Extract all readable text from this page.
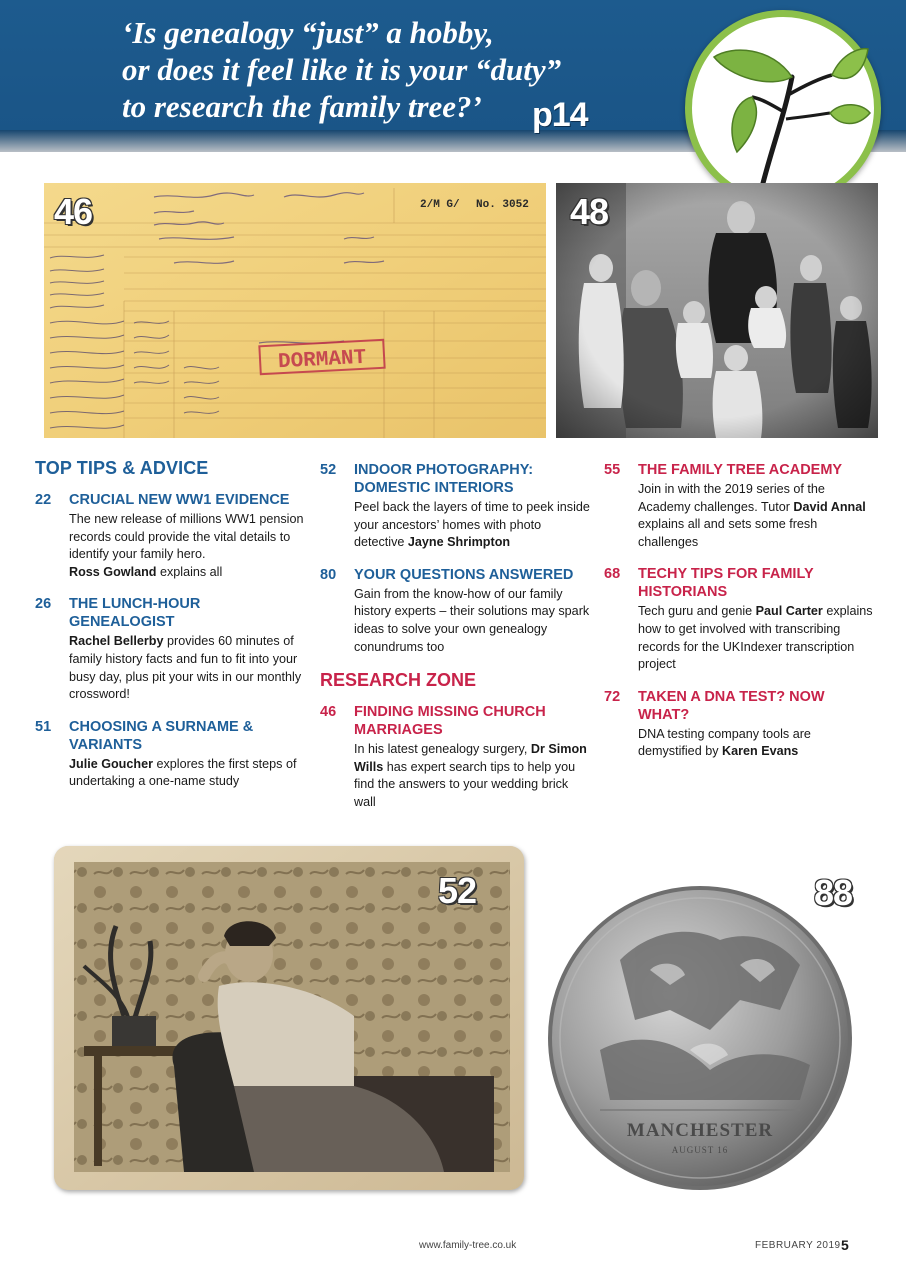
‘Is genealogy “just” a hobby,
or does it feel like it is your “duty”
to research the family tree?’	p14
DORMANT
2/M G/ No. 3052
46	48
TOP TIPS & ADVICE
22	CRUCIAL NEW WW1 EVIDENCE
The new release of millions WW1 pension records could provide the vital details to identify your family hero.
Ross Gowland explains all
26	THE LUNCH-HOUR GENEALOGIST
Rachel Bellerby provides 60 minutes of family history facts and fun to fit into your busy day, plus pit your wits in our monthly crossword!
51	CHOOSING A SURNAME & VARIANTS
Julie Goucher explores the first steps of undertaking a one-name study
52	INDOOR PHOTOGRAPHY: DOMESTIC INTERIORS
Peel back the layers of time to peek inside your ancestors’ homes with photo detective Jayne Shrimpton
80	YOUR QUESTIONS ANSWERED
Gain from the know-how of our family history experts – their solutions may spark ideas to solve your own genealogy conundrums too
RESEARCH ZONE
46	FINDING MISSING CHURCH MARRIAGES
In his latest genealogy surgery, Dr Simon Wills has expert search tips to help you find the answers to your wedding brick wall
55	THE FAMILY TREE ACADEMY
Join in with the 2019 series of the Academy challenges. Tutor David Annal explains all and sets some fresh challenges
68	TECHY TIPS FOR FAMILY HISTORIANS
Tech guru and genie Paul Carter explains how to get involved with transcribing records for the UKIndexer transcription project
72	TAKEN A DNA TEST? NOW WHAT?
DNA testing company tools are demystified by Karen Evans
52
MANCHESTER
AUGUST 16
88
www.family-tree.co.uk	FEBRUARY 2019 5
